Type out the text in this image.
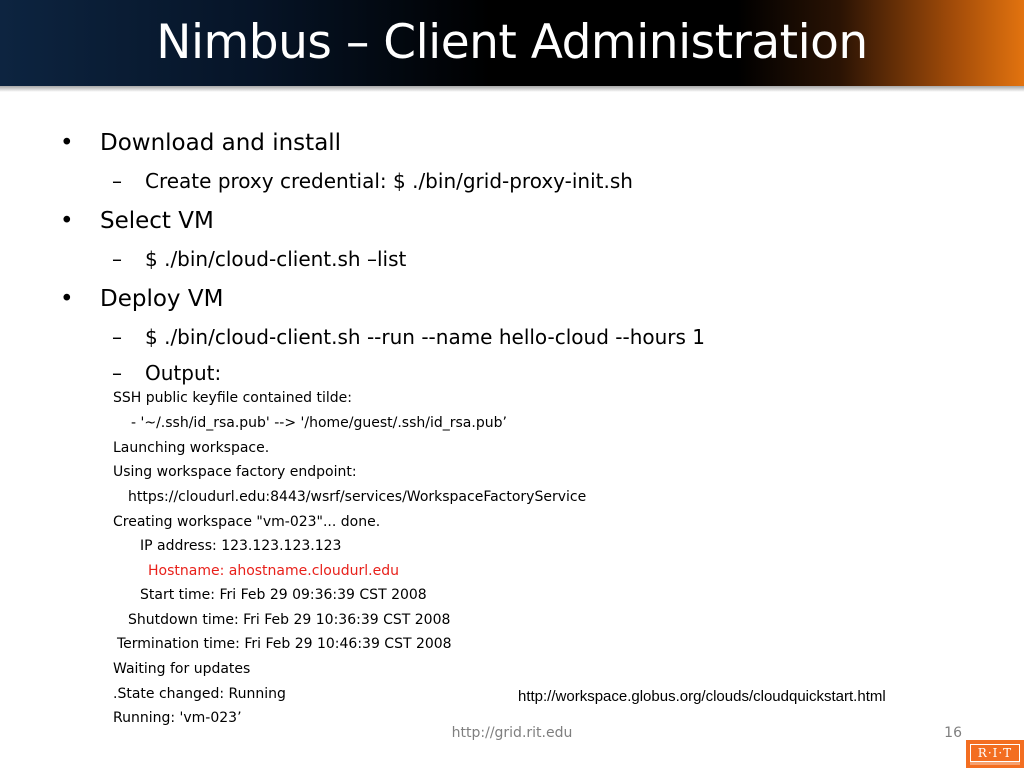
Nimbus – Client Administration
• Download and install
– Create proxy credential: $ ./bin/grid-proxy-init.sh
• Select VM
– $ ./bin/cloud-client.sh –list
• Deploy VM
– $ ./bin/cloud-client.sh --run --name hello-cloud --hours 1
– Output:
SSH public keyfile contained tilde:
- '~/.ssh/id_rsa.pub' --> '/home/guest/.ssh/id_rsa.pub’
Launching workspace.
Using workspace factory endpoint:
https://cloudurl.edu:8443/wsrf/services/WorkspaceFactoryService
Creating workspace "vm-023"... done.
IP address: 123.123.123.123
Hostname: ahostname.cloudurl.edu
Start time: Fri Feb 29 09:36:39 CST 2008
Shutdown time: Fri Feb 29 10:36:39 CST 2008
Termination time: Fri Feb 29 10:46:39 CST 2008
Waiting for updates
.State changed: Running
Running: 'vm-023’
http://workspace.globus.org/clouds/cloudquickstart.html
http://grid.rit.edu	16
R·I·T
